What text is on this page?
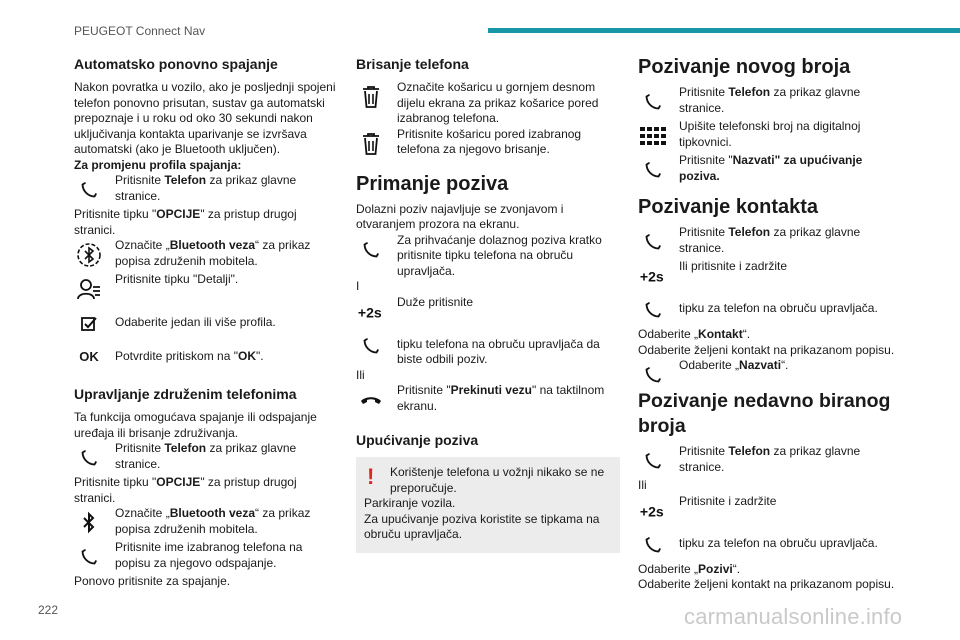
PEUGEOT Connect Nav
Automatsko ponovno spajanje

Nakon povratka u vozilo, ako je posljednji spojeni telefon ponovno prisutan, sustav ga automatski prepoznaje i u roku od oko 30 sekundi nakon uključivanja kontakta uparivanje se izvršava automatski (ako je Bluetooth uključen).

Za promjenu profila spajanja:

Pritisnite Telefon za prikaz glavne stranice.

Pritisnite tipku "OPCIJE" za pristup drugoj stranici.

Označite „Bluetooth veza“ za prikaz popisa združenih mobitela.
Pritisnite tipku "Detalji".

Odaberite jedan ili više profila.

OK	Potvrdite pritiskom na "OK".

Upravljanje združenim telefonima

Ta funkcija omogućava spajanje ili odspajanje uređaja ili brisanje združivanja.

Pritisnite Telefon za prikaz glavne stranice.

Pritisnite tipku "OPCIJE" za pristup drugoj stranici.

Označite „Bluetooth veza“ za prikaz popisa združenih mobitela.
Pritisnite ime izabranog telefona na popisu za njegovo odspajanje.

Ponovo pritisnite za spajanje.

Brisanje telefona
Označite košaricu u gornjem desnom dijelu ekrana za prikaz košarice pored izabranog telefona.
Pritisnite košaricu pored izabranog telefona za njegovo brisanje.
Primanje poziva

Dolazni poziv najavljuje se zvonjavom i otvaranjem prozora na ekranu.

Za prihvaćanje dolaznog poziva kratko pritisnite tipku telefona na obruču upravljača.

I

+2s
Duže pritisnite

tipku telefona na obruču upravljača da biste odbili poziv.

Ili

Pritisnite "Prekinuti vezu" na taktilnom ekranu.
Upućivanje poziva
!	Korištenje telefona u vožnji nikako se ne preporučuje.

Parkiranje vozila.

Za upućivanje poziva koristite se tipkama na obruču upravljača.

Pozivanje novog broja
Pritisnite Telefon za prikaz glavne stranice.
Upišite telefonski broj na digitalnoj tipkovnici.
Pritisnite "Nazvati" za upućivanje poziva.
Pozivanje kontakta
Pritisnite Telefon za prikaz glavne stranice.
+2s
Ili pritisnite i zadržite

tipku za telefon na obruču upravljača.

Odaberite „Kontakt“.

Odaberite željeni kontakt na prikazanom popisu.

Odaberite „Nazvati“.
Pozivanje nedavno biranog broja
Pritisnite Telefon za prikaz glavne stranice.

Ili

+2s
Pritisnite i zadržite

tipku za telefon na obruču upravljača.

Odaberite „Pozivi“.

Odaberite željeni kontakt na prikazanom popisu.

222	carmanualsonline.info
